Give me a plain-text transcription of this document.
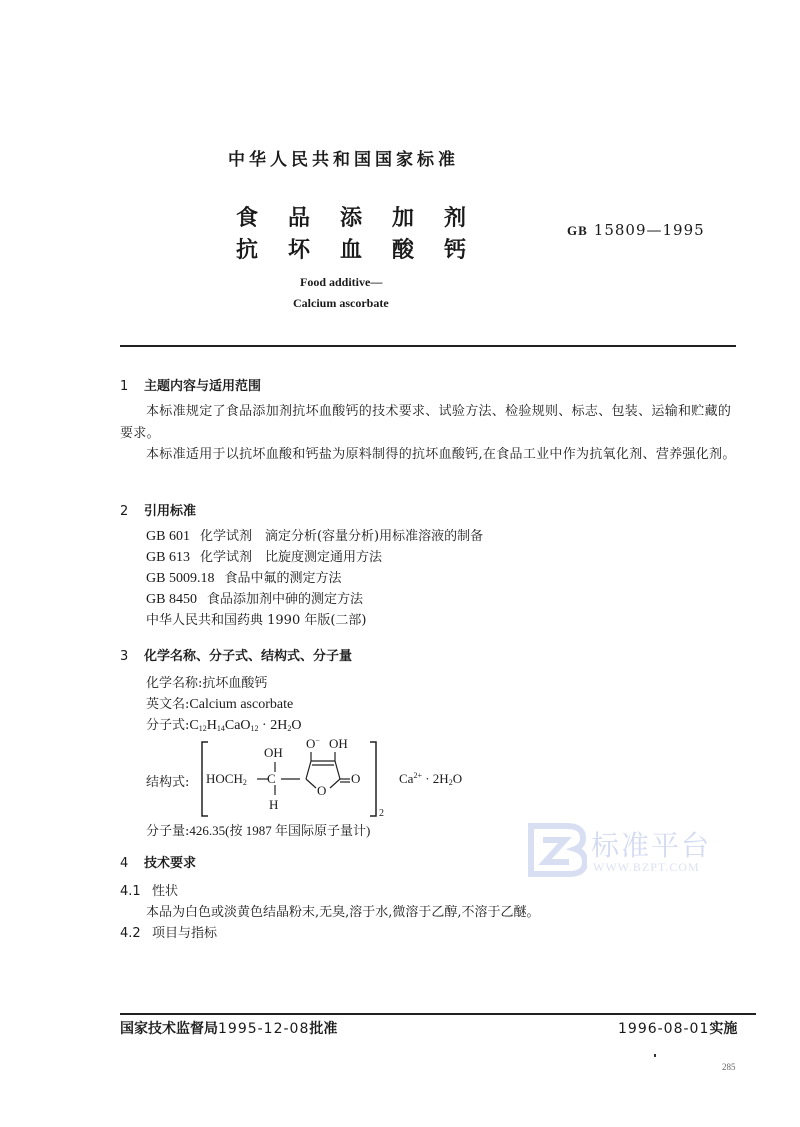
中华人民共和国国家标准
食	品	添	加	剂
抗	坏	血	酸	钙
GB 15809—1995
Food additive—
Calcium ascorbate
1 主题内容与适用范围
本标准规定了食品添加剂抗坏血酸钙的技术要求、试验方法、检验规则、标志、包装、运输和贮藏的要求。
本标准适用于以抗坏血酸和钙盐为原料制得的抗坏血酸钙,在食品工业中作为抗氧化剂、营养强化剂。
2 引用标准
GB 601 化学试剂　滴定分析(容量分析)用标准溶液的制备
GB 613 化学试剂　比旋度测定通用方法
GB 5009.18 食品中氟的测定方法
GB 8450 食品添加剂中砷的测定方法
中华人民共和国药典 1990 年版(二部)
3 化学名称、分子式、结构式、分子量
化学名称:抗坏血酸钙
英文名:Calcium ascorbate
分子式$:C_{12}H_{14}CaO_{12} \cdot 2H_2O$
结构式: $HOCH_2$ C
OH
H
O− OH
O
O
2
$Ca^{2+} \cdot 2H_2O$
分子量:426.35(按 1987 年国际原子量计)	标准平台
WWW.BZPT.COM
4 技术要求
4.1 性状
本品为白色或淡黄色结晶粉末,无臭,溶于水,微溶于乙醇,不溶于乙醚。
4.2 项目与指标
国家技术监督局1995-12-08批准	1996-08-01实施
285
